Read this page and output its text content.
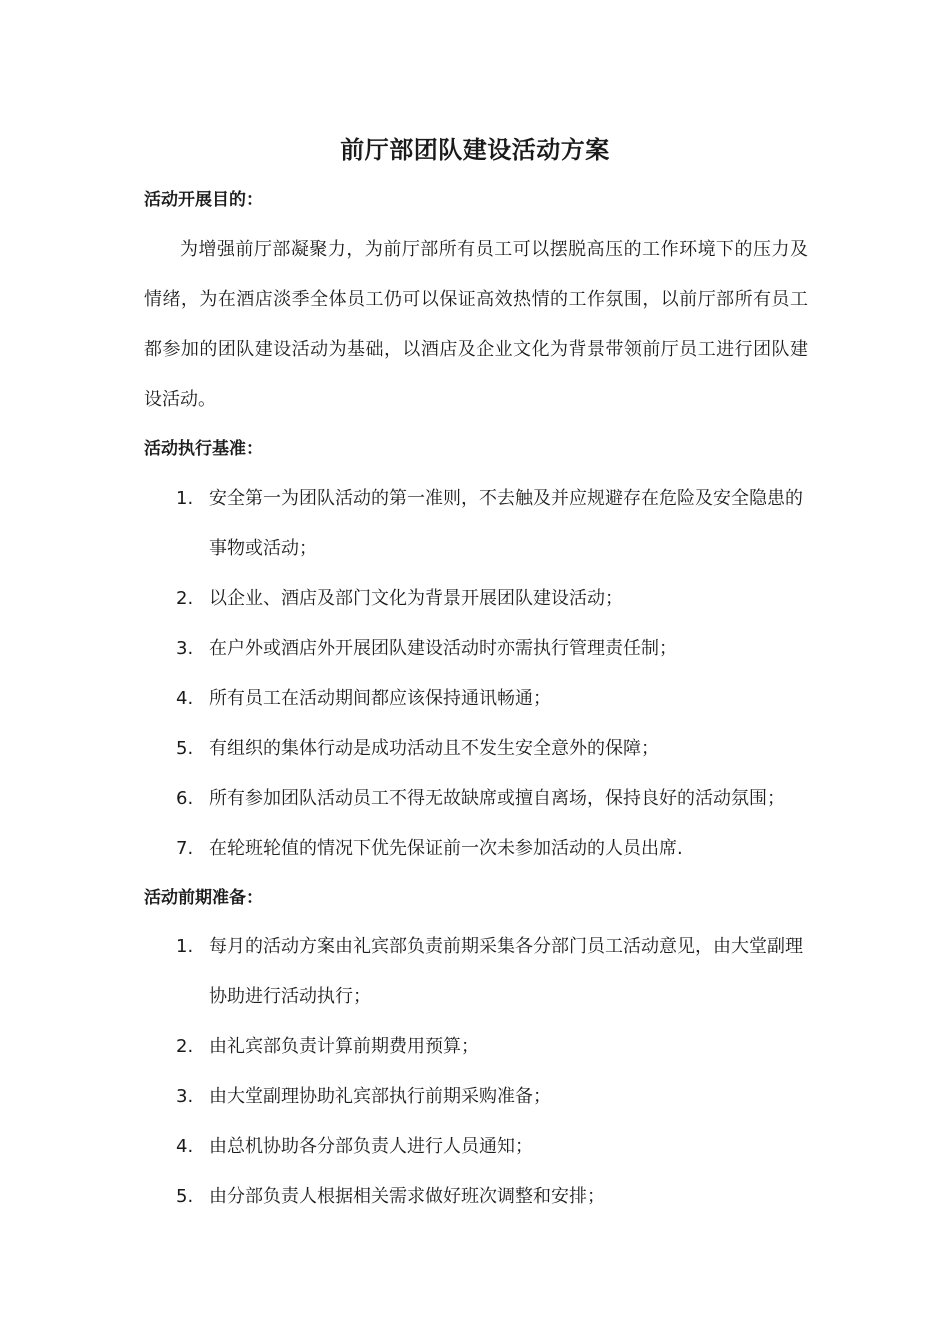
前厅部团队建设活动方案
活动开展目的：
为增强前厅部凝聚力，为前厅部所有员工可以摆脱高压的工作环境下的压力及情绪，为在酒店淡季全体员工仍可以保证高效热情的工作氛围，以前厅部所有员工都参加的团队建设活动为基础，以酒店及企业文化为背景带领前厅员工进行团队建设活动。
活动执行基准：
1. 安全第一为团队活动的第一准则，不去触及并应规避存在危险及安全隐患的事物或活动；
2. 以企业、酒店及部门文化为背景开展团队建设活动；
3. 在户外或酒店外开展团队建设活动时亦需执行管理责任制；
4. 所有员工在活动期间都应该保持通讯畅通；
5. 有组织的集体行动是成功活动且不发生安全意外的保障；
6. 所有参加团队活动员工不得无故缺席或擅自离场，保持良好的活动氛围；
7. 在轮班轮值的情况下优先保证前一次未参加活动的人员出席.
活动前期准备：
1. 每月的活动方案由礼宾部负责前期采集各分部门员工活动意见，由大堂副理协助进行活动执行；
2. 由礼宾部负责计算前期费用预算；
3. 由大堂副理协助礼宾部执行前期采购准备；
4. 由总机协助各分部负责人进行人员通知；
5. 由分部负责人根据相关需求做好班次调整和安排；
